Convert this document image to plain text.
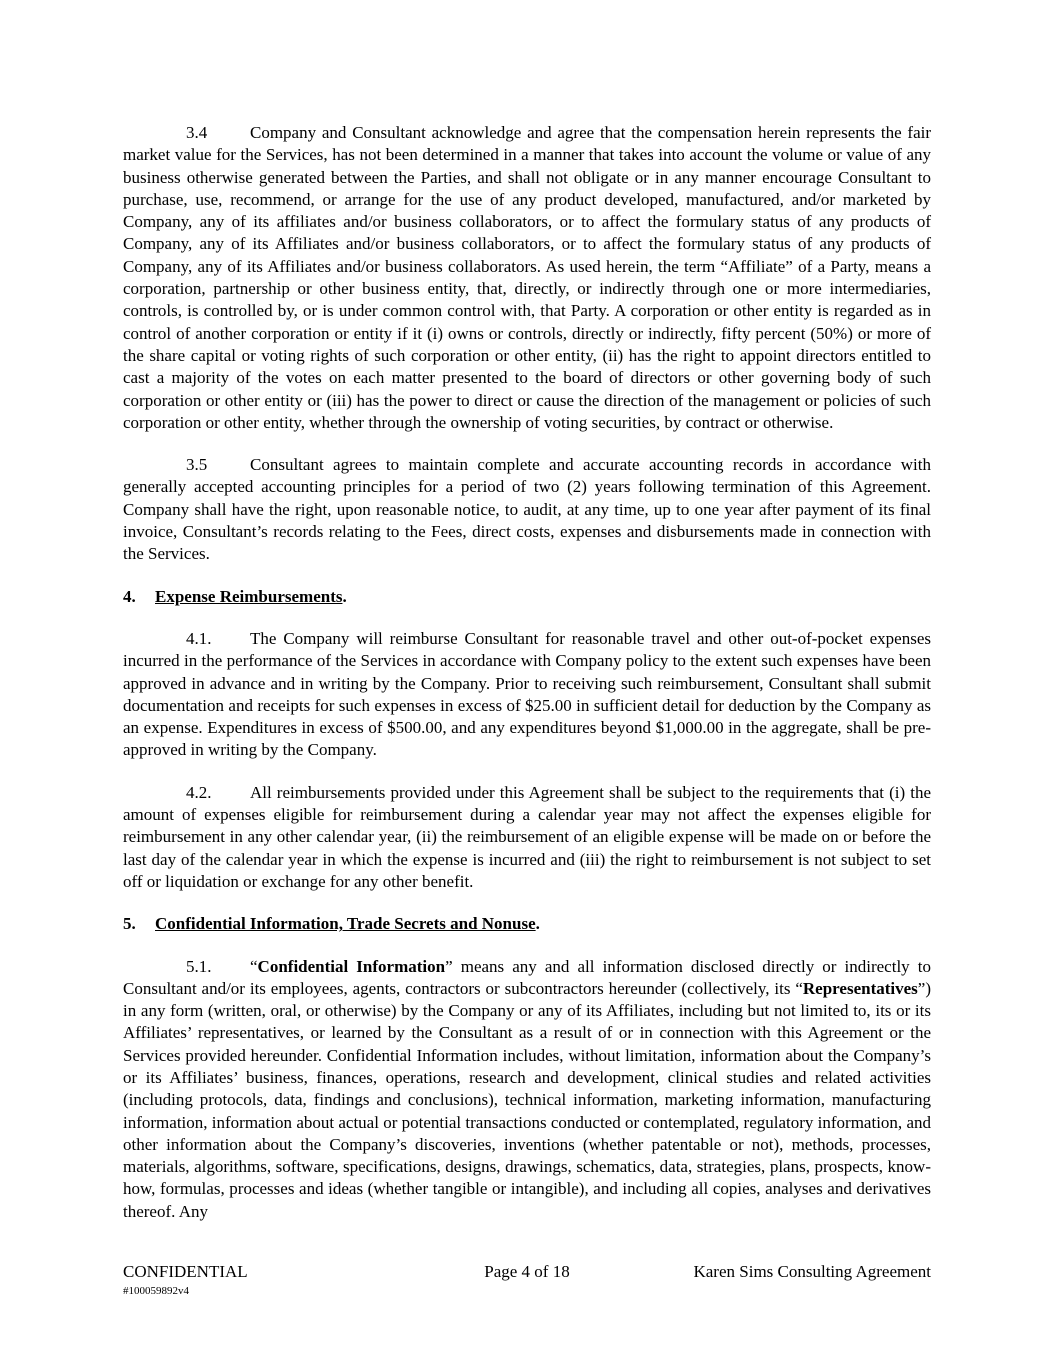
3.4	Company and Consultant acknowledge and agree that the compensation herein represents the fair market value for the Services, has not been determined in a manner that takes into account the volume or value of any business otherwise generated between the Parties, and shall not obligate or in any manner encourage Consultant to purchase, use, recommend, or arrange for the use of any product developed, manufactured, and/or marketed by Company, any of its affiliates and/or business collaborators, or to affect the formulary status of any products of Company, any of its Affiliates and/or business collaborators, or to affect the formulary status of any products of Company, any of its Affiliates and/or business collaborators. As used herein, the term “Affiliate” of a Party, means a corporation, partnership or other business entity, that, directly, or indirectly through one or more intermediaries, controls, is controlled by, or is under common control with, that Party. A corporation or other entity is regarded as in control of another corporation or entity if it (i) owns or controls, directly or indirectly, fifty percent (50%) or more of the share capital or voting rights of such corporation or other entity, (ii) has the right to appoint directors entitled to cast a majority of the votes on each matter presented to the board of directors or other governing body of such corporation or other entity or (iii) has the power to direct or cause the direction of the management or policies of such corporation or other entity, whether through the ownership of voting securities, by contract or otherwise.

3.5	Consultant agrees to maintain complete and accurate accounting records in accordance with generally accepted accounting principles for a period of two (2) years following termination of this Agreement. Company shall have the right, upon reasonable notice, to audit, at any time, up to one year after payment of its final invoice, Consultant’s records relating to the Fees, direct costs, expenses and disbursements made in connection with the Services.

4. Expense Reimbursements.

4.1. The Company will reimburse Consultant for reasonable travel and other out-of-pocket expenses incurred in the performance of the Services in accordance with Company policy to the extent such expenses have been approved in advance and in writing by the Company. Prior to receiving such reimbursement, Consultant shall submit documentation and receipts for such expenses in excess of $25.00 in sufficient detail for deduction by the Company as an expense. Expenditures in excess of $500.00, and any expenditures beyond $1,000.00 in the aggregate, shall be pre-approved in writing by the Company.

4.2. All reimbursements provided under this Agreement shall be subject to the requirements that (i) the amount of expenses eligible for reimbursement during a calendar year may not affect the expenses eligible for reimbursement in any other calendar year, (ii) the reimbursement of an eligible expense will be made on or before the last day of the calendar year in which the expense is incurred and (iii) the right to reimbursement is not subject to set off or liquidation or exchange for any other benefit.

5. Confidential Information, Trade Secrets and Nonuse.

5.1. “Confidential Information” means any and all information disclosed directly or indirectly to Consultant and/or its employees, agents, contractors or subcontractors hereunder (collectively, its “Representatives”) in any form (written, oral, or otherwise) by the Company or any of its Affiliates, including but not limited to, its or its Affiliates’ representatives, or learned by the Consultant as a result of or in connection with this Agreement or the Services provided hereunder. Confidential Information includes, without limitation, information about the Company’s or its Affiliates’ business, finances, operations, research and development, clinical studies and related activities (including protocols, data, findings and conclusions), technical information, marketing information, manufacturing information, information about actual or potential transactions conducted or contemplated, regulatory information, and other information about the Company’s discoveries, inventions (whether patentable or not), methods, processes, materials, algorithms, software, specifications, designs, drawings, schematics, data, strategies, plans, prospects, know-how, formulas, processes and ideas (whether tangible or intangible), and including all copies, analyses and derivatives thereof. Any

CONFIDENTIAL	Page 4 of 18	Karen Sims Consulting Agreement
#100059892v4
